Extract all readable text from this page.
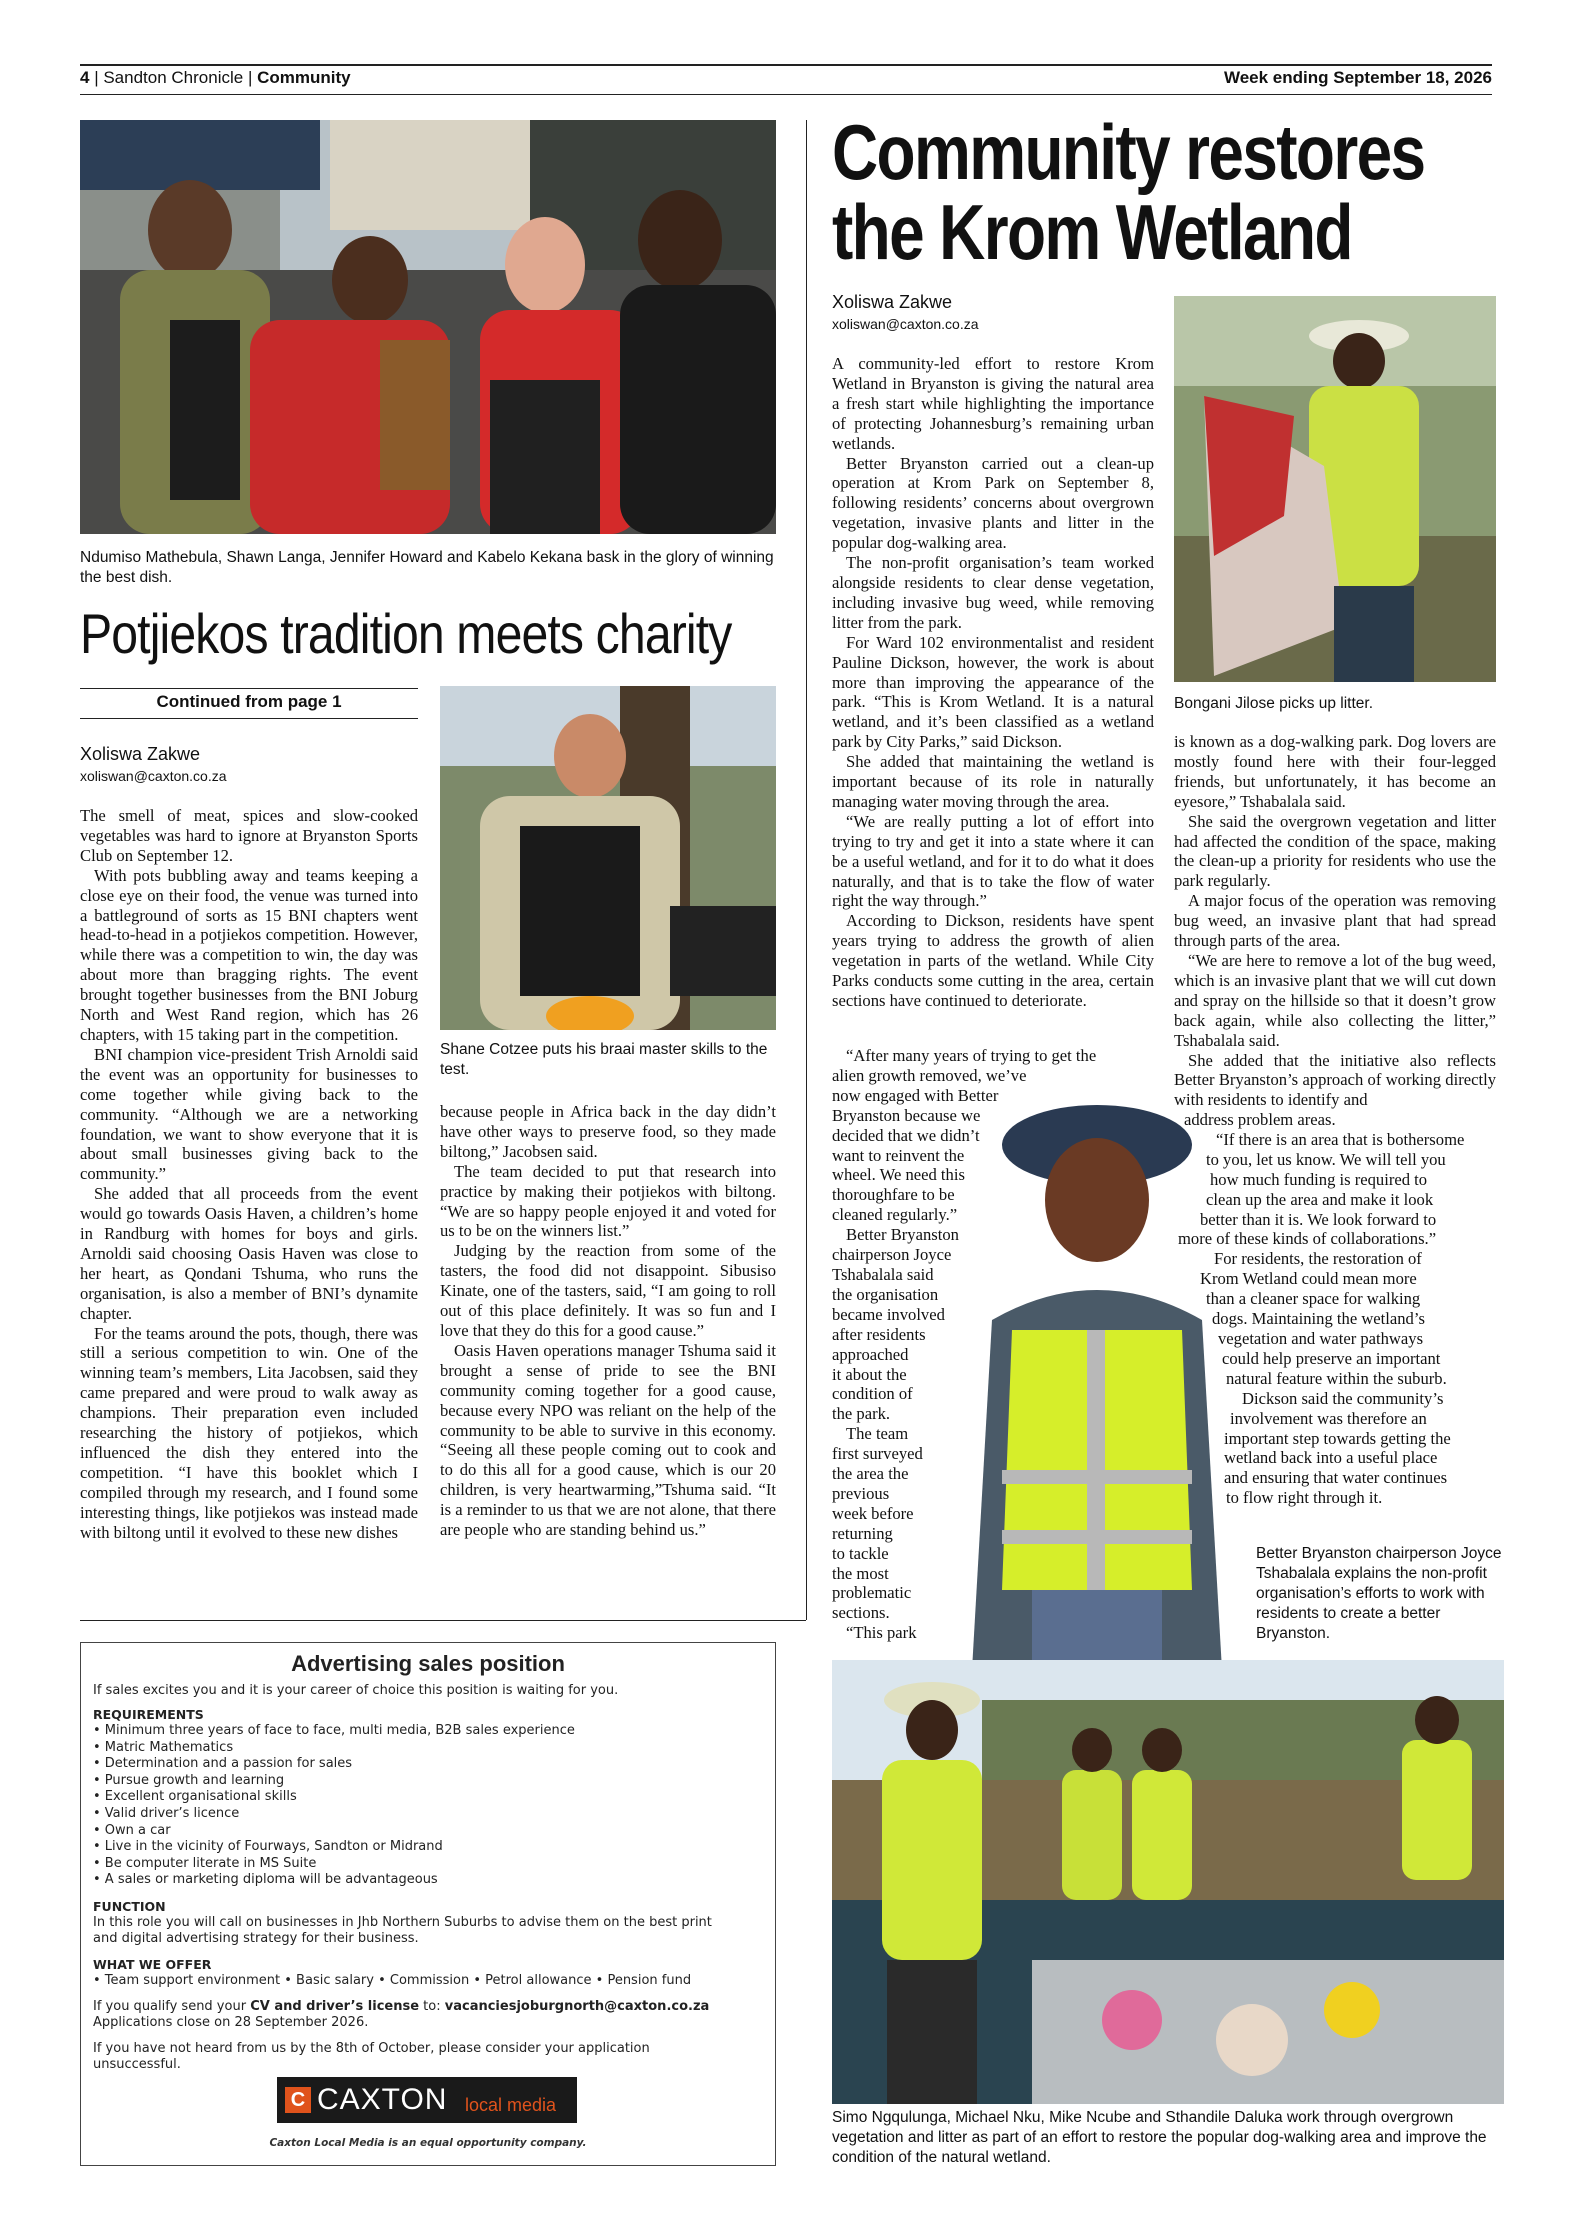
4 | Sandton Chronicle | Community	Week ending September 18, 2026
Ndumiso Mathebula, Shawn Langa, Jennifer Howard and Kabelo Kekana bask in the glory of winning the best dish.
Potjiekos tradition meets charity
Continued from page 1
Xoliswa Zakwe
xoliswan@caxton.co.za

The smell of meat, spices and slow-cooked vegetables was hard to ignore at Bryanston Sports Club on September 12.

With pots bubbling away and teams keeping a close eye on their food, the venue was turned into a battleground of sorts as 15 BNI chapters went head-to-head in a potjiekos competition. However, while there was a competition to win, the day was about more than bragging rights. The event brought together businesses from the BNI Joburg North and West Rand region, which has 26 chapters, with 15 taking part in the competition.

BNI champion vice-president Trish Arnoldi said the event was an opportunity for businesses to come together while giving back to the community. “Although we are a networking foundation, we want to show everyone that it is about small businesses giving back to the community.”

She added that all proceeds from the event would go towards Oasis Haven, a children’s home in Randburg with homes for boys and girls. Arnoldi said choosing Oasis Haven was close to her heart, as Qondani Tshuma, who runs the organisation, is also a member of BNI’s dynamite chapter.

For the teams around the pots, though, there was still a serious competition to win. One of the winning team’s members, Lita Jacobsen, said they came prepared and were proud to walk away as champions. Their preparation even included researching the history of potjiekos, which influenced the dish they entered into the competition. “I have this booklet which I compiled through my research, and I found some interesting things, like potjiekos was instead made with biltong until it evolved to these new dishes

Shane Cotzee puts his braai master skills to the test.

because people in Africa back in the day didn’t have other ways to preserve food, so they made biltong,” Jacobsen said.

The team decided to put that research into practice by making their potjiekos with biltong. “We are so happy people enjoyed it and voted for us to be on the winners list.”

Judging by the reaction from some of the tasters, the food did not disappoint. Sibusiso Kinate, one of the tasters, said, “I am going to roll out of this place definitely. It was so fun and I love that they do this for a good cause.”

Oasis Haven operations manager Tshuma said it brought a sense of pride to see the BNI community coming together for a good cause, because every NPO was reliant on the help of the community to be able to survive in this economy. “Seeing all these people coming out to cook and to do this all for a good cause, which is our 20 children, is very heartwarming,”Tshuma said. “It is a reminder to us that we are not alone, that there are people who are standing behind us.”

Community restores
the Krom Wetland
Xoliswa Zakwe
xoliswan@caxton.co.za

A community-led effort to restore Krom Wetland in Bryanston is giving the natural area a fresh start while highlighting the importance of protecting Johannesburg’s remaining urban wetlands.

Better Bryanston carried out a clean-up operation at Krom Park on September 8, following residents’ concerns about overgrown vegetation, invasive plants and litter in the popular dog-walking area.

The non-profit organisation’s team worked alongside residents to clear dense vegetation, including invasive bug weed, while removing litter from the park.

For Ward 102 environmentalist and resident Pauline Dickson, however, the work is about more than improving the appearance of the park. “This is Krom Wetland. It is a natural wetland, and it’s been classified as a wetland park by City Parks,” said Dickson.

She added that maintaining the wetland is important because of its role in naturally managing water moving through the area.

“We are really putting a lot of effort into trying to try and get it into a state where it can be a useful wetland, and for it to do what it does naturally, and that is to take the flow of water right the way through.”

According to Dickson, residents have spent years trying to address the growth of alien vegetation in parts of the wetland. While City Parks conducts some cutting in the area, certain sections have continued to deteriorate.

“After many years of trying to get the alien growth removed, we’ve
now engaged with Better
Bryanston because we
decided that we didn’t
want to reinvent the
wheel. We need this
thoroughfare to be
cleaned regularly.”
Better Bryanston
chairperson Joyce
Tshabalala said
the organisation
became involved
after residents
approached
it about the
condition of
the park.
The team
first surveyed
the area the
previous
week before
returning
to tackle
the most
problematic
sections.
“This park
Bongani Jilose picks up litter.

is known as a dog-walking park. Dog lovers are mostly found here with their four-legged friends, but unfortunately, it has become an eyesore,” Tshabalala said.

She said the overgrown vegetation and litter had affected the condition of the space, making the clean-up a priority for residents who use the park regularly.

A major focus of the operation was removing bug weed, an invasive plant that had spread through parts of the area.

“We are here to remove a lot of the bug weed, which is an invasive plant that we will cut down and spray on the hillside so that it doesn’t grow back again, while also collecting the litter,” Tshabalala said.

She added that the initiative also reflects Better Bryanston’s approach of working directly with residents to identify and

address problem areas.
“If there is an area that is bothersome
to you, let us know. We will tell you
how much funding is required to
clean up the area and make it look
better than it is. We look forward to
more of these kinds of collaborations.”
For residents, the restoration of
Krom Wetland could mean more
than a cleaner space for walking
dogs. Maintaining the wetland’s
vegetation and water pathways
could help preserve an important
natural feature within the suburb.
Dickson said the community’s
involvement was therefore an
important step towards getting the
wetland back into a useful place
and ensuring that water continues
to flow right through it.
Better Bryanston chairperson Joyce Tshabalala explains the non-profit organisation’s efforts to work with residents to create a better Bryanston.
Simo Ngqulunga, Michael Nku, Mike Ncube and Sthandile Daluka work through overgrown vegetation and litter as part of an effort to restore the popular dog-walking area and improve the condition of the natural wetland.
Advertising sales position
If sales excites you and it is your career of choice this position is waiting for you.
REQUIREMENTS
• Minimum three years of face to face, multi media, B2B sales experience
• Matric Mathematics
• Determination and a passion for sales
• Pursue growth and learning
• Excellent organisational skills
• Valid driver’s licence
• Own a car
• Live in the vicinity of Fourways, Sandton or Midrand
• Be computer literate in MS Suite
• A sales or marketing diploma will be advantageous
FUNCTION
In this role you will call on businesses in Jhb Northern Suburbs to advise them on the best print
and digital advertising strategy for their business.
WHAT WE OFFER
• Team support environment • Basic salary • Commission • Petrol allowance • Pension fund
If you qualify send your CV and driver’s license to: vacanciesjoburgnorth@caxton.co.za
Applications close on 28 September 2026.
If you have not heard from us by the 8th of October, please consider your application
unsuccessful.
C CAXTON local media
Caxton Local Media is an equal opportunity company.
